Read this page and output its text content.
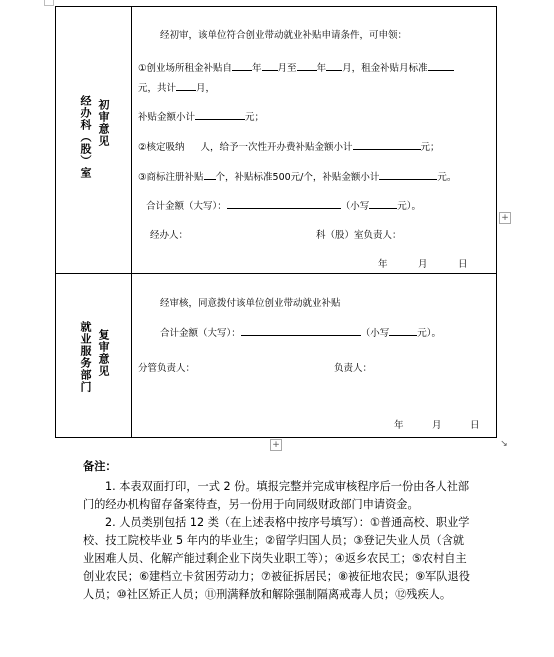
初审意见
经办科（股）室
经初审，该单位符合创业带动就业补贴申请条件，可申领：
①创业场所租金补贴自 年 月至 年 月，租金补贴月标准
元，共计 月，
补贴金额小计	元；
②核定吸纳 人，给予一次性开办费补贴金额小计	元；
③商标注册补贴 个，补贴标准500元/个，补贴金额小计	元。
合计金额（大写）：	（小写	元）。
经办人：	科（股）室负责人：
年	月	日
复审意见
就业服务部门
经审核，同意拨付该单位创业带动就业补贴
合计金额（大写）：	（小写	元）。
分管负责人：	负责人：
年	月	日
+
+	↘

备注：

1. 本表双面打印，一式 2 份。填报完整并完成审核程序后一份由各人社部门的经办机构留存备案待查，另一份用于向同级财政部门申请资金。

2. 人员类别包括 12 类（在上述表格中按序号填写）：①普通高校、职业学校、技工院校毕业 5 年内的毕业生；②留学归国人员；③登记失业人员（含就业困难人员、化解产能过剩企业下岗失业职工等）；④返乡农民工；⑤农村自主创业农民；⑥建档立卡贫困劳动力；⑦被征拆居民；⑧被征地农民；⑨军队退役人员；⑩社区矫正人员；⑪刑满释放和解除强制隔离戒毒人员；⑫残疾人。
